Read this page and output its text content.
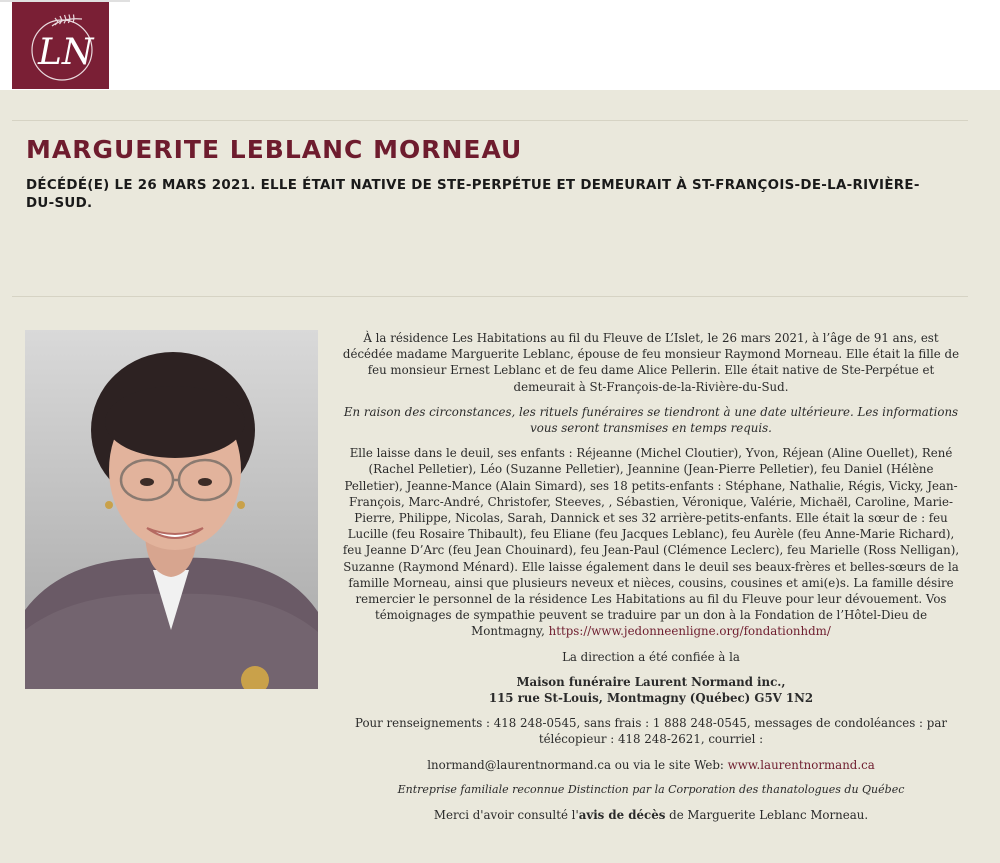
LN
MARGUERITE LEBLANC MORNEAU
DÉCÉDÉ(E) LE 26 MARS 2021. ELLE ÉTAIT NATIVE DE STE-PERPÉTUE ET DEMEURAIT À ST-FRANÇOIS-DE-LA-RIVIÈRE-DU-SUD.

À la résidence Les Habitations au fil du Fleuve de L’Islet, le 26 mars 2021, à l’âge de 91 ans, est décédée madame Marguerite Leblanc, épouse de feu monsieur Raymond Morneau. Elle était la fille de feu monsieur Ernest Leblanc et de feu dame Alice Pellerin. Elle était native de Ste-Perpétue et demeurait à St-François-de-la-Rivière-du-Sud.

En raison des circonstances, les rituels funéraires se tiendront à une date ultérieure. Les informations vous seront transmises en temps requis.

Elle laisse dans le deuil, ses enfants : Réjeanne (Michel Cloutier), Yvon, Réjean (Aline Ouellet), René (Rachel Pelletier), Léo (Suzanne Pelletier), Jeannine (Jean-Pierre Pelletier), feu Daniel (Hélène Pelletier), Jeanne-Mance (Alain Simard), ses 18 petits-enfants : Stéphane, Nathalie, Régis, Vicky, Jean-François, Marc-André, Christofer, Steeves, , Sébastien, Véronique, Valérie, Michaël, Caroline, Marie-Pierre, Philippe, Nicolas, Sarah, Dannick et ses 32 arrière-petits-enfants. Elle était la sœur de : feu Lucille (feu Rosaire Thibault), feu Eliane (feu Jacques Leblanc), feu Aurèle (feu Anne-Marie Richard), feu Jeanne D’Arc (feu Jean Chouinard), feu Jean-Paul (Clémence Leclerc), feu Marielle (Ross Nelligan), Suzanne (Raymond Ménard). Elle laisse également dans le deuil ses beaux-frères et belles-sœurs de la famille Morneau, ainsi que plusieurs neveux et nièces, cousins, cousines et ami(e)s. La famille désire remercier le personnel de la résidence Les Habitations au fil du Fleuve pour leur dévouement. Vos témoignages de sympathie peuvent se traduire par un don à la Fondation de l’Hôtel-Dieu de Montmagny, https://www.jedonneenligne.org/fondationhdm/

La direction a été confiée à la

Maison funéraire Laurent Normand inc.,
115 rue St-Louis, Montmagny (Québec) G5V 1N2

Pour renseignements : 418 248-0545, sans frais : 1 888 248-0545, messages de condoléances : par télécopieur : 418 248-2621, courriel :

lnormand@laurentnormand.ca ou via le site Web: www.laurentnormand.ca

Entreprise familiale reconnue Distinction par la Corporation des thanatologues du Québec

Merci d'avoir consulté l'avis de décès de Marguerite Leblanc Morneau.
